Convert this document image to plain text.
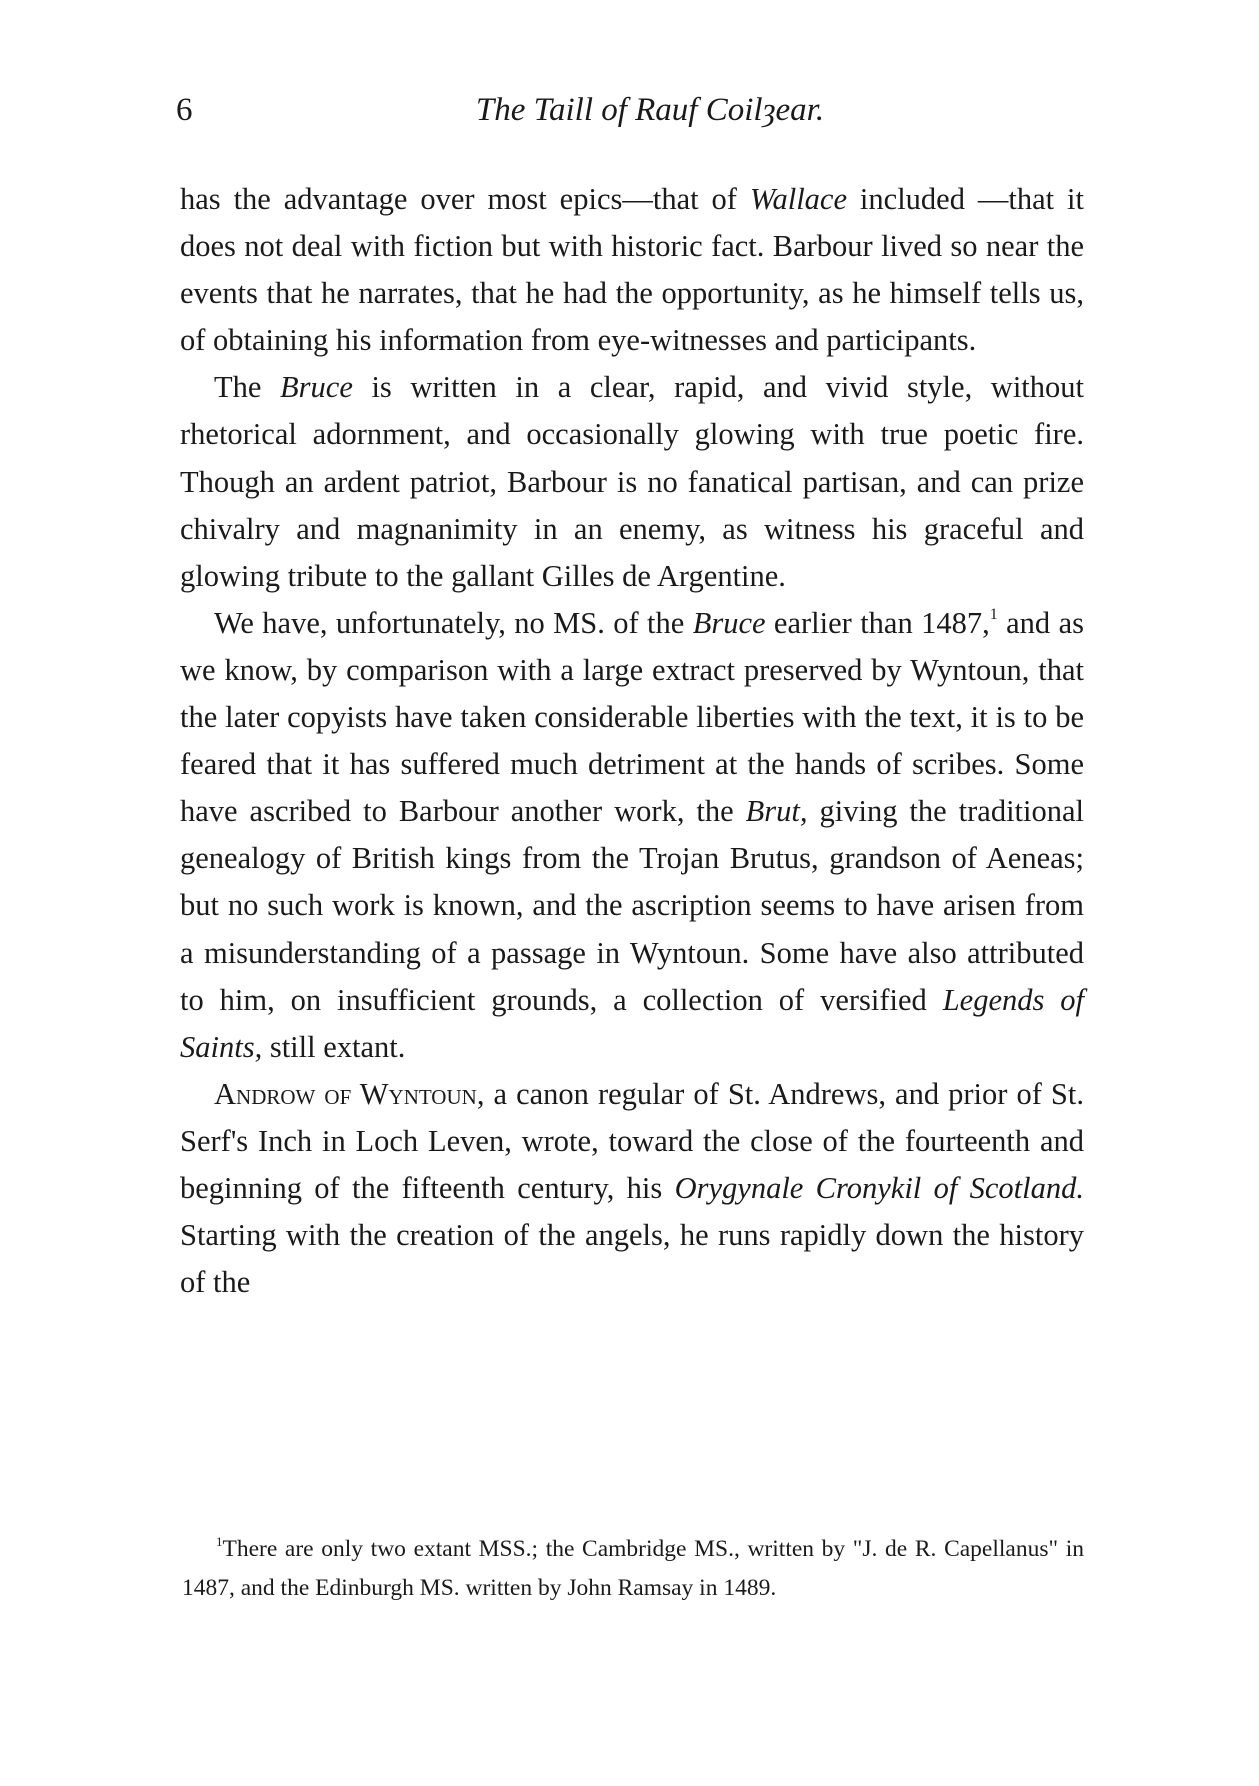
6	The Taill of Rauf Coilȝear.

has the advantage over most epics—that of Wallace included —that it does not deal with fiction but with historic fact. Barbour lived so near the events that he narrates, that he had the opportunity, as he himself tells us, of obtaining his information from eye-witnesses and participants.

The Bruce is written in a clear, rapid, and vivid style, without rhetorical adornment, and occasionally glowing with true poetic fire. Though an ardent patriot, Barbour is no fanatical partisan, and can prize chivalry and magnanimity in an enemy, as witness his graceful and glowing tribute to the gallant Gilles de Argentine.

We have, unfortunately, no MS. of the Bruce earlier than 1487,$^1$ and as we know, by comparison with a large extract preserved by Wyntoun, that the later copyists have taken considerable liberties with the text, it is to be feared that it has suffered much detriment at the hands of scribes. Some have ascribed to Barbour another work, the Brut, giving the traditional genealogy of British kings from the Trojan Brutus, grandson of Aeneas; but no such work is known, and the ascription seems to have arisen from a misunderstanding of a passage in Wyntoun. Some have also attributed to him, on insufficient grounds, a collection of versified Legends of Saints, still extant.

Androw of Wyntoun, a canon regular of St. Andrews, and prior of St. Serf's Inch in Loch Leven, wrote, toward the close of the fourteenth and beginning of the fifteenth century, his Orygynale Cronykil of Scotland. Starting with the creation of the angels, he runs rapidly down the history of the

$^1$There are only two extant MSS.; the Cambridge MS., written by "J. de R. Capellanus" in 1487, and the Edinburgh MS. written by John Ramsay in 1489.
